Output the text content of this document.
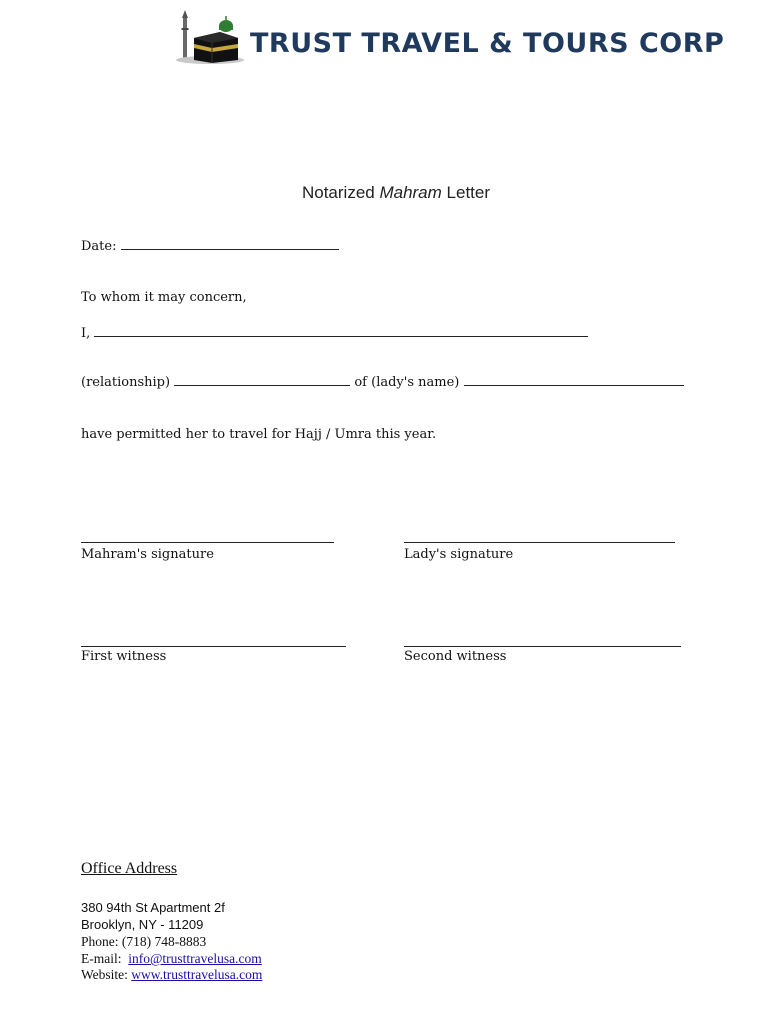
TRUST TRAVEL & TOURS CORP
Notarized Mahram Letter
Date:
To whom it may concern,
I,
(relationship)	of (lady's name)
have permitted her to travel for Hajj / Umra this year.
Mahram's signature	Lady's signature
First witness	Second witness
Office Address
380 94th St Apartment 2f
Brooklyn, NY - 11209
Phone: (718) 748-8883
E-mail: info@trusttravelusa.com
Website: www.trusttravelusa.com
